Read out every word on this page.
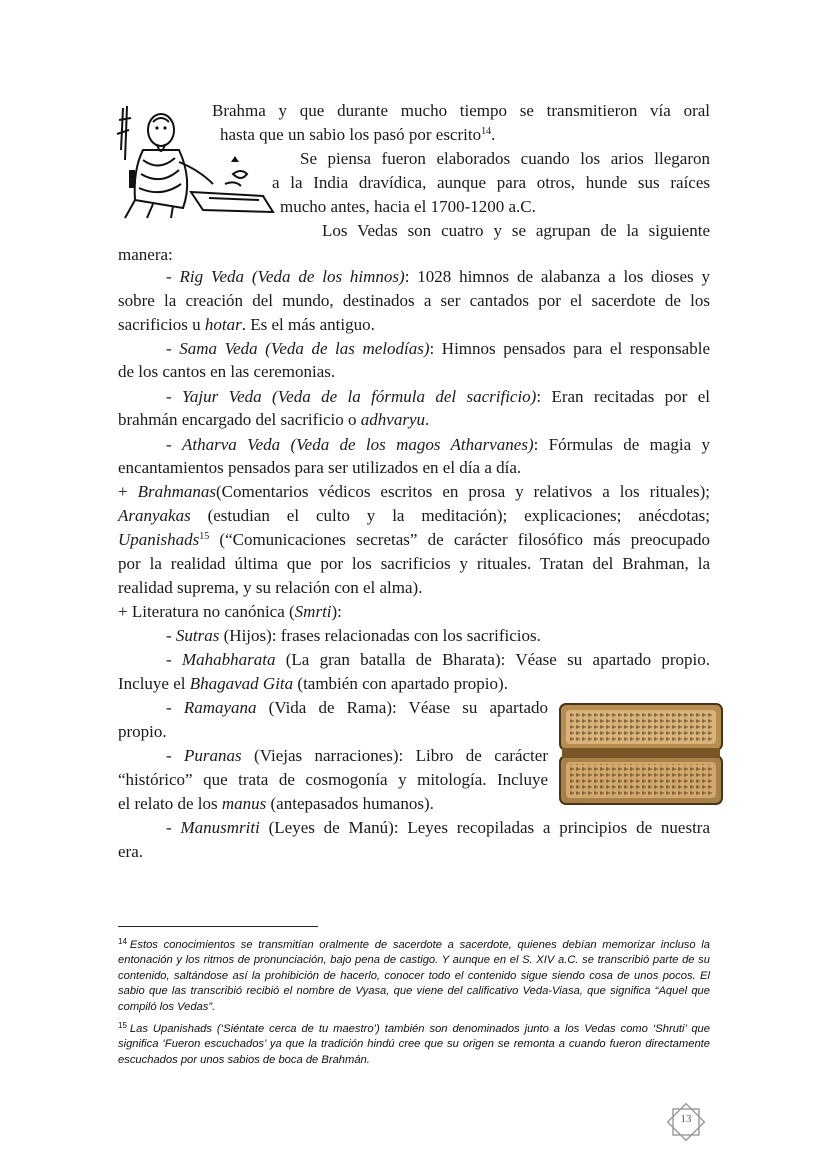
Brahma y que durante mucho tiempo se transmitieron vía oral
hasta que un sabio los pasó por escrito$^{14}$.
Se piensa fueron elaborados cuando los arios llegaron
a la India dravídica, aunque para otros, hunde sus raíces
mucho antes, hacia el 1700-1200 a.C.
Los Vedas son cuatro y se agrupan de la siguiente
manera:
- Rig Veda (Veda de los himnos): 1028 himnos de alabanza a los dioses y
sobre la creación del mundo, destinados a ser cantados por el sacerdote de los
sacrificios u hotar. Es el más antiguo.
- Sama Veda (Veda de las melodías): Himnos pensados para el responsable
de los cantos en las ceremonias.
- Yajur Veda (Veda de la fórmula del sacrificio): Eran recitadas por el
brahmán encargado del sacrificio o adhvaryu.
- Atharva Veda (Veda de los magos Atharvanes): Fórmulas de magia y
encantamientos pensados para ser utilizados en el día a día.
+ Brahmanas(Comentarios védicos escritos en prosa y relativos a los rituales);
Aranyakas (estudian el culto y la meditación); explicaciones; anécdotas;
Upanishads$^{15}$ (“Comunicaciones secretas” de carácter filosófico más preocupado
por la realidad última que por los sacrificios y rituales. Tratan del Brahman, la
realidad suprema, y su relación con el alma).
+ Literatura no canónica (Smrti):
- Sutras (Hijos): frases relacionadas con los sacrificios.
- Mahabharata (La gran batalla de Bharata): Véase su apartado propio.
Incluye el Bhagavad Gita (también con apartado propio).
- Ramayana (Vida de Rama): Véase su apartado
propio.
- Puranas (Viejas narraciones): Libro de carácter
“histórico” que trata de cosmogonía y mitología. Incluye
el relato de los manus (antepasados humanos).
- Manusmriti (Leyes de Manú): Leyes recopiladas a principios de nuestra
era.
$^{14}$ Estos conocimientos se transmitían oralmente de sacerdote a sacerdote, quienes debían memorizar incluso la entonación y los ritmos de pronunciación, bajo pena de castigo. Y aunque en el S. XIV a.C. se transcribió parte de su contenido, saltándose así la prohibición de hacerlo, conocer todo el contenido sigue siendo cosa de unos pocos. El sabio que las transcribió recibió el nombre de Vyasa, que viene del calificativo Veda-Viasa, que significa “Aquel que compiló los Vedas”.
$^{15}$ Las Upanishads (‘Siéntate cerca de tu maestro’) también son denominados junto a los Vedas como ‘Shruti’ que significa ‘Fueron escuchados’ ya que la tradición hindú cree que su origen se remonta a cuando fueron directamente escuchados por unos sabios de boca de Brahmán.
13
